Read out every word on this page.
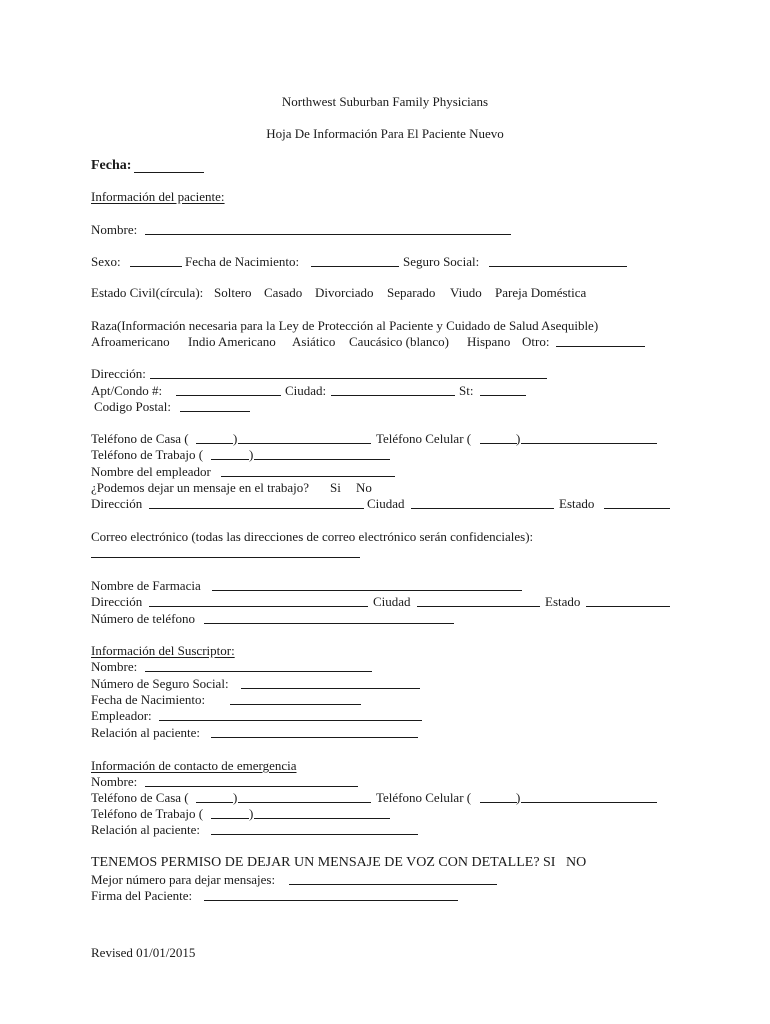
Northwest Suburban Family Physicians
Hoja De Información Para El Paciente Nuevo
Fecha:
Información del paciente:
Nombre:
Sexo:	Fecha de Nacimiento:	Seguro Social:
Estado Civil(círcula): Soltero Casado Divorciado Separado Viudo Pareja Doméstica
Raza(Información necesaria para la Ley de Protección al Paciente y Cuidado de Salud Asequible)
Afroamericano Indio Americano Asiático Caucásico (blanco) Hispano Otro:
Dirección:
Apt/Condo #:	Ciudad:	St:
Codigo Postal:
Teléfono de Casa (	)	Teléfono Celular (	)
Teléfono de Trabajo (	)
Nombre del empleador
¿Podemos dejar un mensaje en el trabajo? Si No
Dirección	Ciudad	Estado
Correo electrónico (todas las direcciones de correo electrónico serán confidenciales):
Nombre de Farmacia
Dirección	Ciudad	Estado
Número de teléfono
Información del Suscriptor:
Nombre:
Número de Seguro Social:
Fecha de Nacimiento:
Empleador:
Relación al paciente:
Información de contacto de emergencia
Nombre:
Teléfono de Casa (	)	Teléfono Celular (	)
Teléfono de Trabajo (	)
Relación al paciente:
TENEMOS PERMISO DE DEJAR UN MENSAJE DE VOZ CON DETALLE? SI NO
Mejor número para dejar mensajes:
Firma del Paciente:
Revised 01/01/2015
